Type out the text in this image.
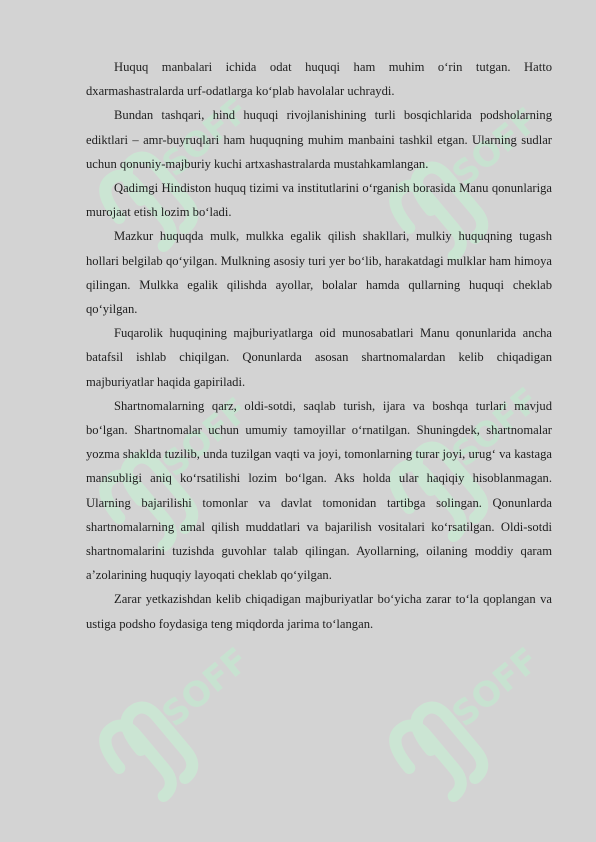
SOFF	SOFF
SOFF	SOFF
SOFF	SOFF

Huquq manbalari ichida odat huquqi ham muhim o‘rin tutgan. Hatto dxarmashastralarda urf-odatlarga ko‘plab havolalar uchraydi.

Bundan tashqari, hind huquqi rivojlanishining turli bosqichlarida podsholarning ediktlari – amr-buyruqlari ham huquqning muhim manbaini tashkil etgan. Ularning sudlar uchun qonuniy-majburiy kuchi artxashastralarda mustahkamlangan.

Qadimgi Hindiston huquq tizimi va institutlarini o‘rganish borasida Manu qonunlariga murojaat etish lozim bo‘ladi.

Mazkur huquqda mulk, mulkka egalik qilish shakllari, mulkiy huquqning tugash hollari belgilab qo‘yilgan. Mulkning asosiy turi yer bo‘lib, harakatdagi mulklar ham himoya qilingan. Mulkka egalik qilishda ayollar, bolalar hamda qullarning huquqi cheklab qo‘yilgan.

Fuqarolik huquqining majburiyatlarga oid munosabatlari Manu qonunlarida ancha batafsil ishlab chiqilgan. Qonunlarda asosan shartnomalardan kelib chiqadigan majburiyatlar haqida gapiriladi.

Shartnomalarning qarz, oldi-sotdi, saqlab turish, ijara va boshqa turlari mavjud bo‘lgan. Shartnomalar uchun umumiy tamoyillar o‘rnatilgan. Shuningdek, shartnomalar yozma shaklda tuzilib, unda tuzilgan vaqti va joyi, tomonlarning turar joyi, urug‘ va kastaga mansubligi aniq ko‘rsatilishi lozim bo‘lgan. Aks holda ular haqiqiy hisoblanmagan. Ularning bajarilishi tomonlar va davlat tomonidan tartibga solingan. Qonunlarda shartnomalarning amal qilish muddatlari va bajarilish vositalari ko‘rsatilgan. Oldi-sotdi shartnomalarini tuzishda guvohlar talab qilingan. Ayollarning, oilaning moddiy qaram a’zolarining huquqiy layoqati cheklab qo‘yilgan.

Zarar yetkazishdan kelib chiqadigan majburiyatlar bo‘yicha zarar to‘la qoplangan va ustiga podsho foydasiga teng miqdorda jarima to‘langan.
